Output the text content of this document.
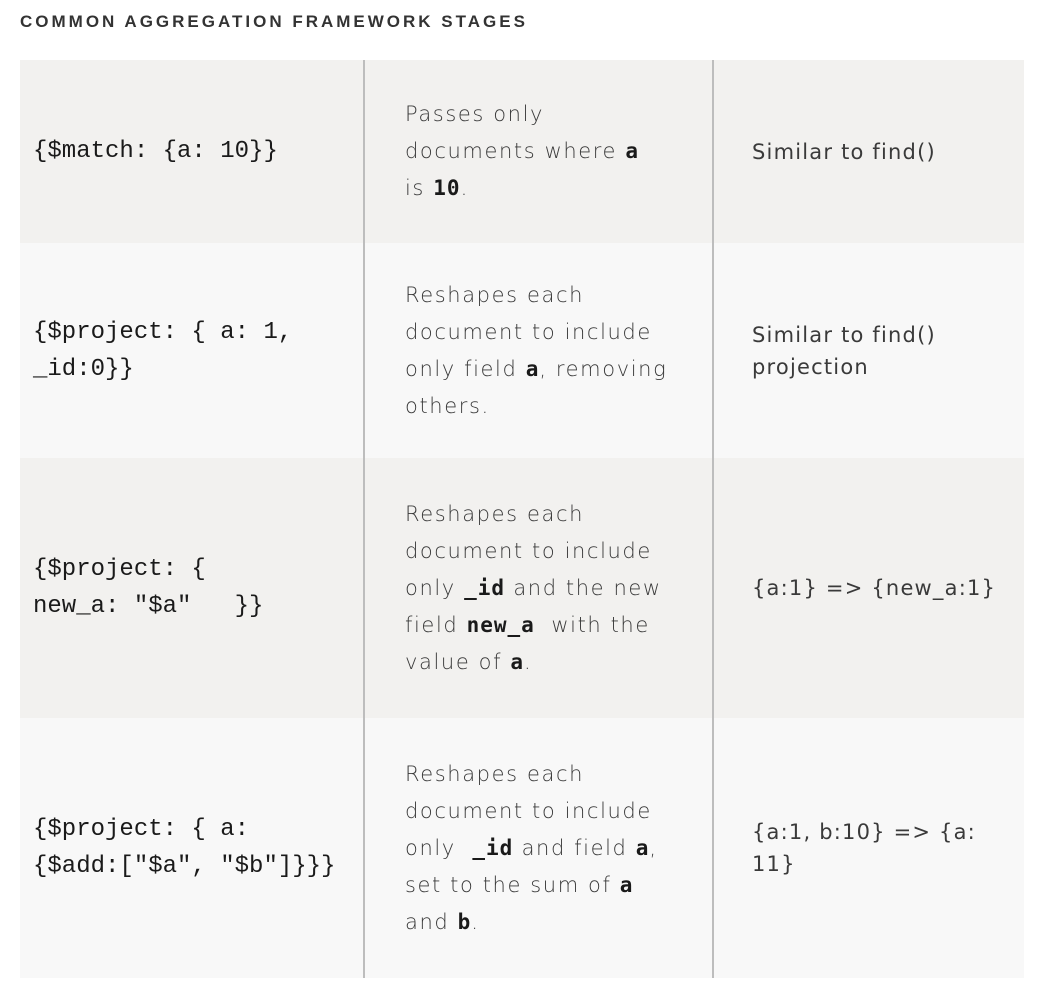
COMMON AGGREGATION FRAMEWORK STAGES
{$match: {a: 10}}
Passes only
documents where a
is 10.
Similar to find()
{$project: { a: 1,
_id:0}}
Reshapes each
document to include
only field a, removing
others.
Similar to find()
projection
{$project: {
new_a: "$a"   }}
Reshapes each
document to include
only _id and the new
field new_a  with the
value of a.
{a:1} => {new_a:1}
{$project: { a:
{$add:["$a", "$b"]}}}
Reshapes each
document to include
only  _id and field a,
set to the sum of a
and b.
{a:1, b:10} => {a:
11}
